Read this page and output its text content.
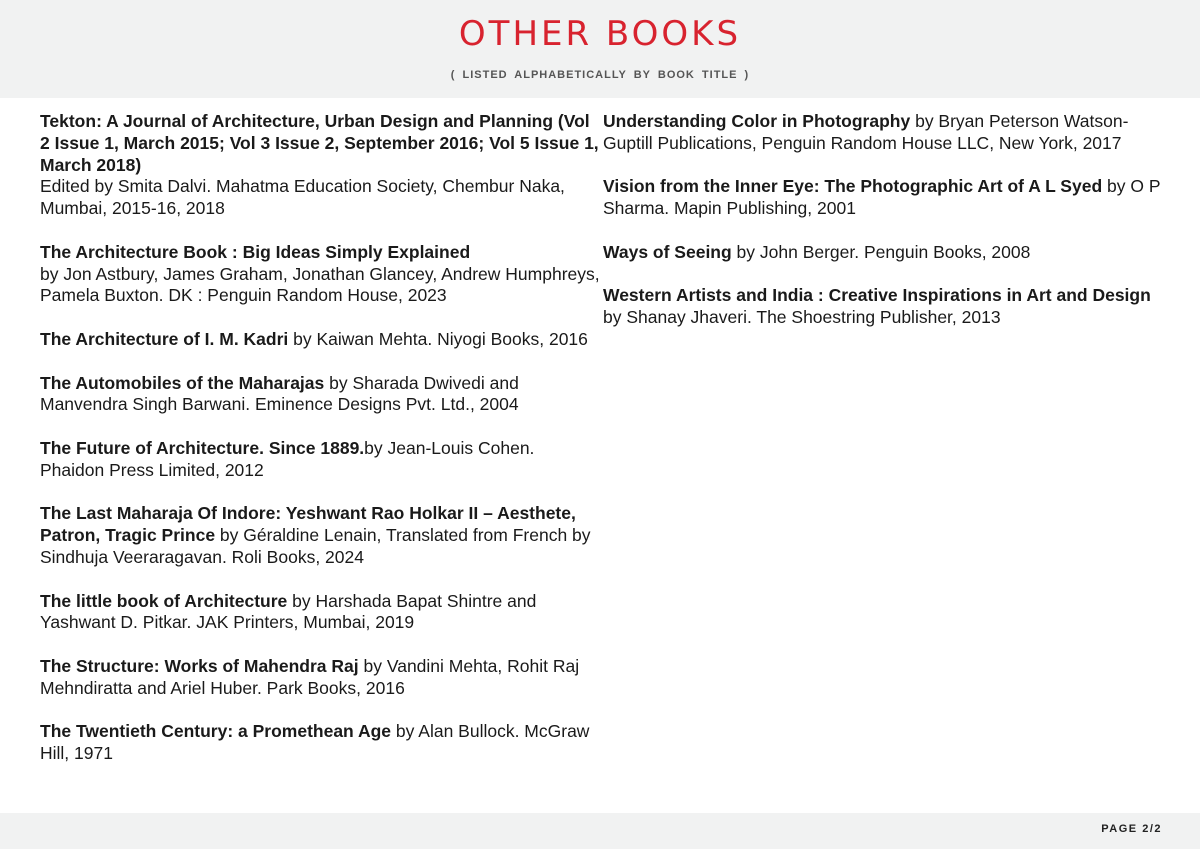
OTHER BOOKS
( LISTED ALPHABETICALLY BY BOOK TITLE )
Tekton: A Journal of Architecture, Urban Design and Planning (Vol 2 Issue 1, March 2015; Vol 3 Issue 2, September 2016; Vol 5 Issue 1, March 2018)
Edited by Smita Dalvi. Mahatma Education Society, Chembur Naka, Mumbai, 2015-16, 2018
The Architecture Book : Big Ideas Simply Explained
by Jon Astbury, James Graham, Jonathan Glancey, Andrew Humphreys, Pamela Buxton. DK : Penguin Random House, 2023
The Architecture of I. M. Kadri by Kaiwan Mehta. Niyogi Books, 2016
The Automobiles of the Maharajas by Sharada Dwivedi and Manvendra Singh Barwani. Eminence Designs Pvt. Ltd., 2004
The Future of Architecture. Since 1889.by Jean-Louis Cohen. Phaidon Press Limited, 2012
The Last Maharaja Of Indore: Yeshwant Rao Holkar II – Aesthete, Patron, Tragic Prince by Géraldine Lenain, Translated from French by Sindhuja Veeraragavan. Roli Books, 2024
The little book of Architecture by Harshada Bapat Shintre and Yashwant D. Pitkar. JAK Printers, Mumbai, 2019
The Structure: Works of Mahendra Raj by Vandini Mehta, Rohit Raj Mehndiratta and Ariel Huber. Park Books, 2016
The Twentieth Century: a Promethean Age by Alan Bullock. McGraw Hill, 1971
Understanding Color in Photography by Bryan Peterson Watson-Guptill Publications, Penguin Random House LLC, New York, 2017
Vision from the Inner Eye: The Photographic Art of A L Syed by O P Sharma. Mapin Publishing, 2001
Ways of Seeing by John Berger. Penguin Books, 2008
Western Artists and India : Creative Inspirations in Art and Design by Shanay Jhaveri. The Shoestring Publisher, 2013
PAGE 2/2
